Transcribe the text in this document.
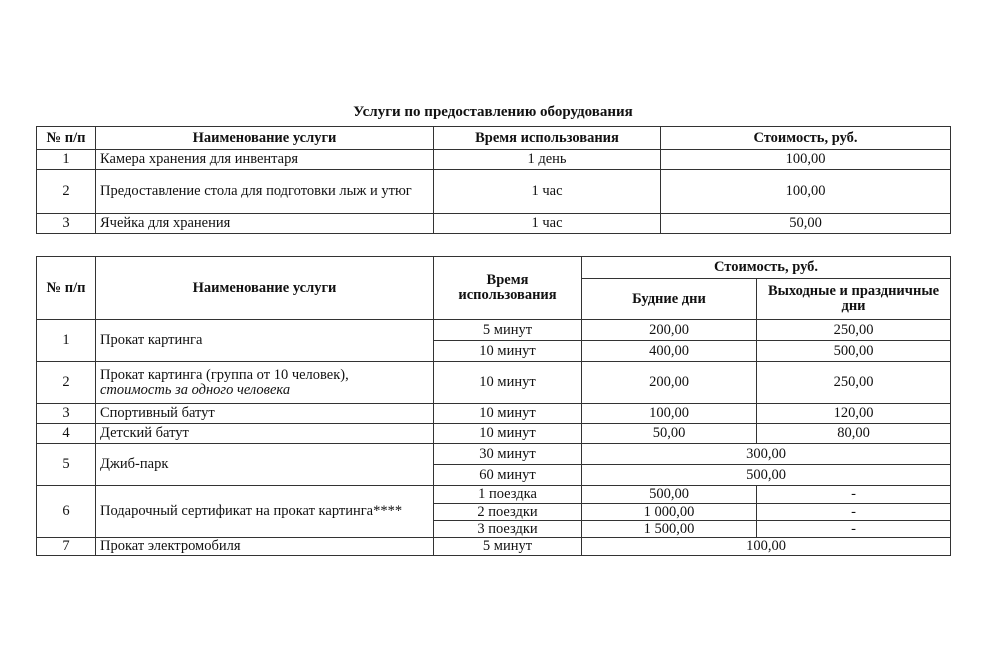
Услуги по предоставлению оборудования
№ п/п	Наименование услуги	Время использования	Стоимость, руб.
1	Камера хранения для инвентаря	1 день	100,00
2	Предоставление стола для подготовки лыж и утюг	1 час	100,00
3	Ячейка для хранения	1 час	50,00
№ п/п	Наименование услуги	Время использования	Стоимость, руб.	
			Будние дни	Выходные и праздничные дни
1	Прокат картинга	5 минут	200,00	250,00
		10 минут	400,00	500,00
2	Прокат картинга (группа от 10 человек),
стоимость за одного человека	10 минут	200,00	250,00
3	Спортивный батут	10 минут	100,00	120,00
4	Детский батут	10 минут	50,00	80,00
5	Джиб-парк	30 минут	300,00	
		60 минут	500,00	
6	Подарочный сертификат на прокат картинга****	1 поездка	500,00	-
		2 поездки	1 000,00	-
		3 поездки	1 500,00	-
7	Прокат электромобиля	5 минут	100,00	
